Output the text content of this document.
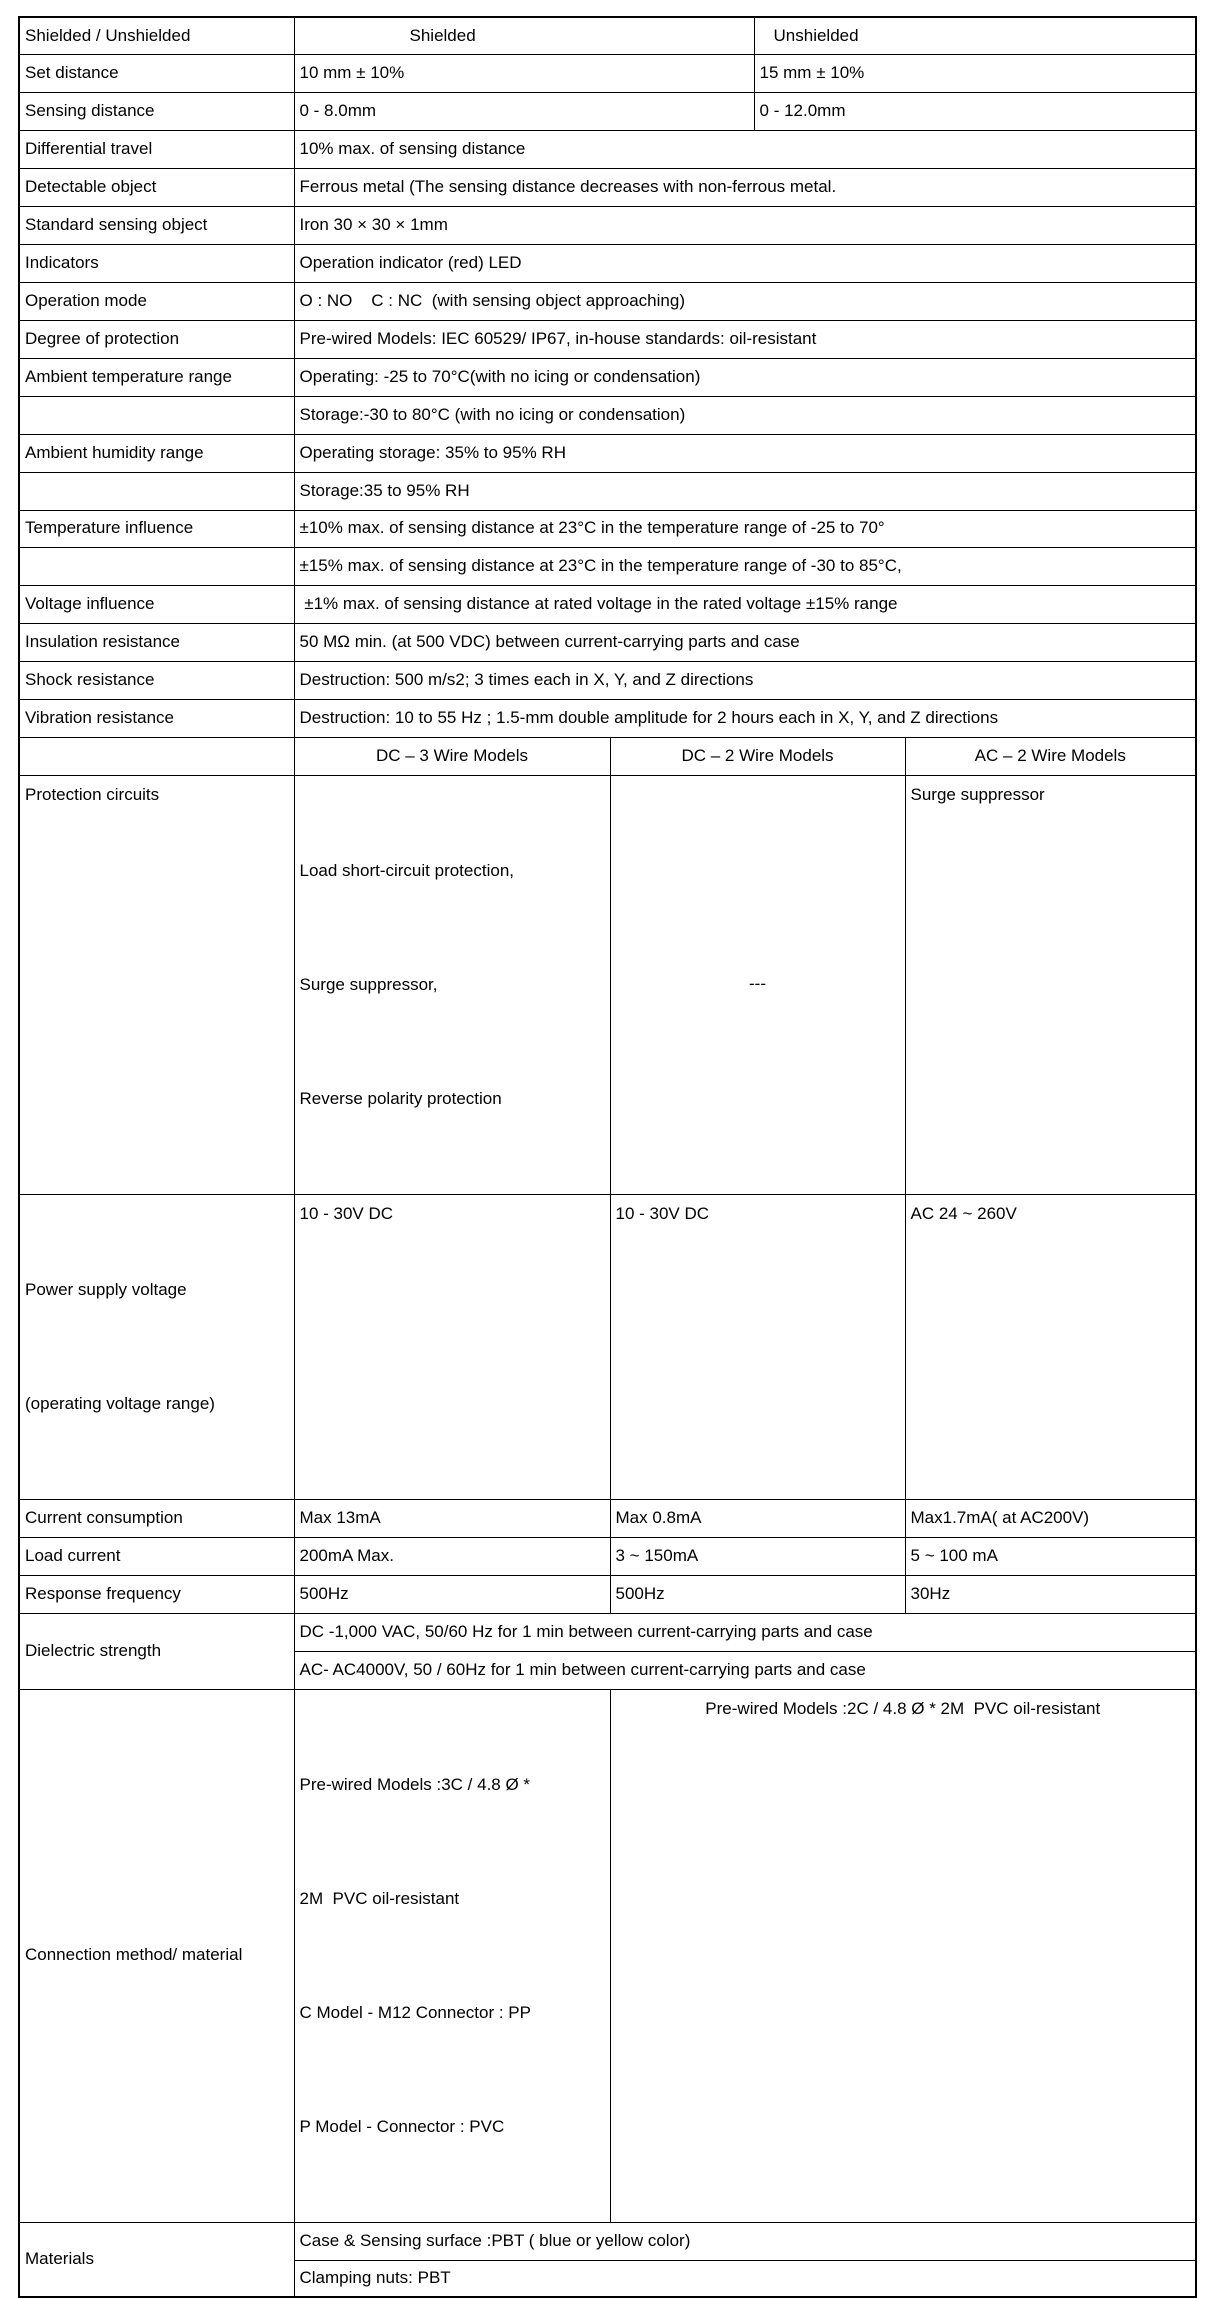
Shielded / Unshielded	Shielded		Unshielded	
Set distance	10 mm ± 10%		15 mm ± 10%	
Sensing distance	0 - 8.0mm		0 - 12.0mm	
Differential travel	10% max. of sensing distance			
Detectable object	Ferrous metal (The sensing distance decreases with non-ferrous metal.			
Standard sensing object	Iron 30 × 30 × 1mm			
Indicators	Operation indicator (red) LED			
Operation mode	O : NO    C : NC  (with sensing object approaching)			
Degree of protection	Pre-wired Models: IEC 60529/ IP67, in-house standards: oil-resistant			
Ambient temperature range	Operating: -25 to 70°C(with no icing or condensation)			
	Storage:-30 to 80°C (with no icing or condensation)			
Ambient humidity range	Operating storage: 35% to 95% RH			
	Storage:35 to 95% RH			
Temperature influence	±10% max. of sensing distance at 23°C in the temperature range of -25 to 70°			
	±15% max. of sensing distance at 23°C in the temperature range of -30 to 85°C,			
Voltage influence	±1% max. of sensing distance at rated voltage in the rated voltage ±15% range			
Insulation resistance	50 MΩ min. (at 500 VDC) between current-carrying parts and case			
Shock resistance	Destruction: 500 m/s2; 3 times each in X, Y, and Z directions			
Vibration resistance	Destruction: 10 to 55 Hz ; 1.5-mm double amplitude for 2 hours each in X, Y, and Z directions			
	DC – 3 Wire Models	DC – 2 Wire Models		AC – 2 Wire Models
Protection circuits	Load short-circuit protection,

Surge suppressor,

Reverse polarity protection	---		Surge suppressor

Power supply voltage

(operating voltage range)	10 - 30V DC	10 - 30V DC		AC 24 ~ 260V
Current consumption	Max 13mA	Max 0.8mA		Max1.7mA( at AC200V)
Load current	200mA Max.	3 ~ 150mA		5 ~ 100 mA
Response frequency	500Hz	500Hz		30Hz
Dielectric strength	DC -1,000 VAC, 50/60 Hz for 1 min between current-carrying parts and case			
	AC- AC4000V, 50 / 60Hz for 1 min between current-carrying parts and case			
Connection method/ material	Pre-wired Models :3C / 4.8 Ø *

2M  PVC oil-resistant

C Model - M12 Connector : PP

P Model - Connector : PVC	Pre-wired Models :2C / 4.8 Ø * 2M  PVC oil-resistant		
Materials	Case & Sensing surface :PBT ( blue or yellow color)			
	Clamping nuts: PBT			
